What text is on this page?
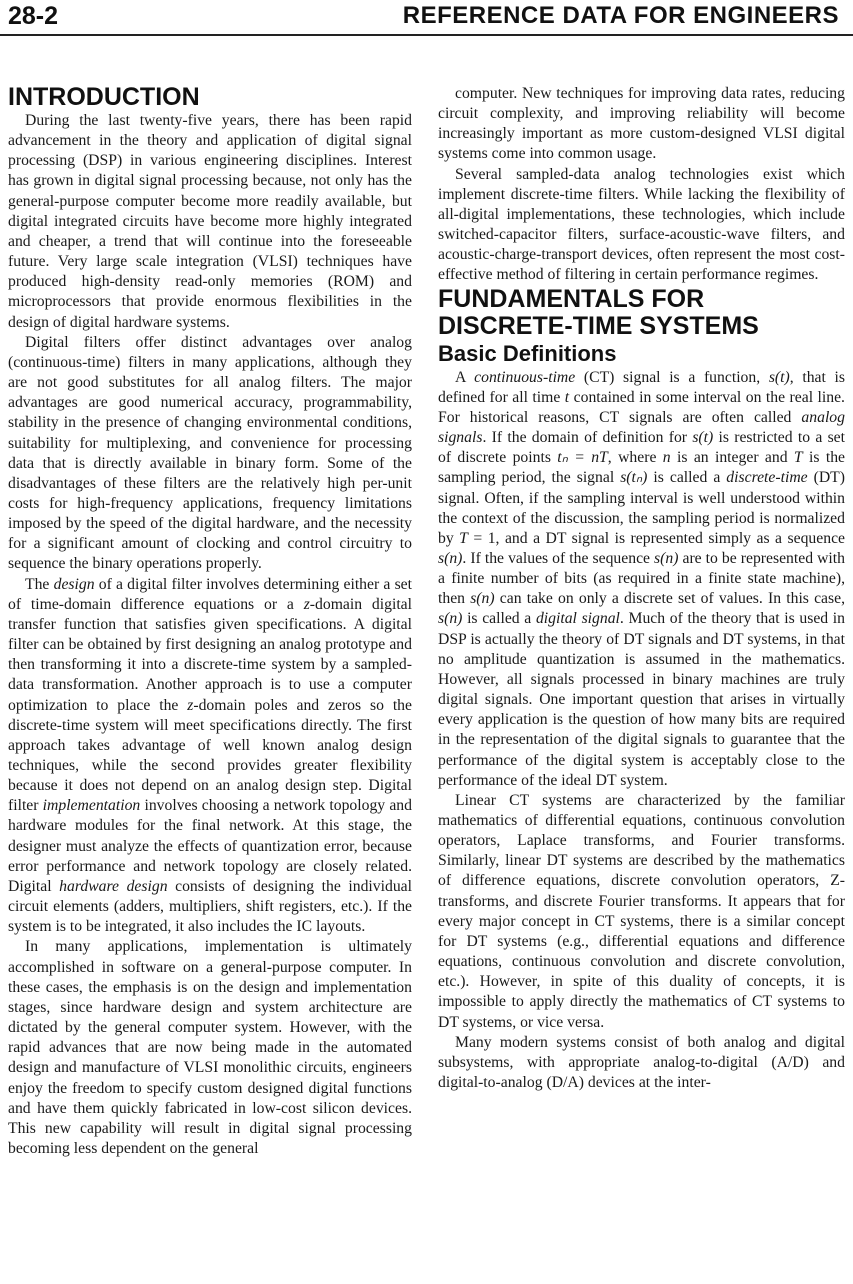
28-2	REFERENCE DATA FOR ENGINEERS
INTRODUCTION

During the last twenty-five years, there has been rapid advancement in the theory and application of digital signal processing (DSP) in various engineering disciplines. Interest has grown in digital signal processing because, not only has the general-purpose computer become more readily available, but digital integrated circuits have become more highly integrated and cheaper, a trend that will continue into the foreseeable future. Very large scale integration (VLSI) techniques have produced high-density read-only memories (ROM) and microprocessors that provide enormous flexibilities in the design of digital hardware systems.

Digital filters offer distinct advantages over analog (continuous-time) filters in many applications, although they are not good substitutes for all analog filters. The major advantages are good numerical accuracy, programmability, stability in the presence of changing environmental conditions, suitability for multiplexing, and convenience for processing data that is directly available in binary form. Some of the disadvantages of these filters are the relatively high per-unit costs for high-frequency applications, frequency limitations imposed by the speed of the digital hardware, and the necessity for a significant amount of clocking and control circuitry to sequence the binary operations properly.

The design of a digital filter involves determining either a set of time-domain difference equations or a z-domain digital transfer function that satisfies given specifications. A digital filter can be obtained by first designing an analog prototype and then transforming it into a discrete-time system by a sampled-data transformation. Another approach is to use a computer optimization to place the z-domain poles and zeros so the discrete-time system will meet specifications directly. The first approach takes advantage of well known analog design techniques, while the second provides greater flexibility because it does not depend on an analog design step. Digital filter implementation involves choosing a network topology and hardware modules for the final network. At this stage, the designer must analyze the effects of quantization error, because error performance and network topology are closely related. Digital hardware design consists of designing the individual circuit elements (adders, multipliers, shift registers, etc.). If the system is to be integrated, it also includes the IC layouts.

In many applications, implementation is ultimately accomplished in software on a general-purpose computer. In these cases, the emphasis is on the design and implementation stages, since hardware design and system architecture are dictated by the general computer system. However, with the rapid advances that are now being made in the automated design and manufacture of VLSI monolithic circuits, engineers enjoy the freedom to specify custom designed digital functions and have them quickly fabricated in low-cost silicon devices. This new capability will result in digital signal processing becoming less dependent on the general

computer. New techniques for improving data rates, reducing circuit complexity, and improving reliability will become increasingly important as more custom-designed VLSI digital systems come into common usage.

Several sampled-data analog technologies exist which implement discrete-time filters. While lacking the flexibility of all-digital implementations, these technologies, which include switched-capacitor filters, surface-acoustic-wave filters, and acoustic-charge-transport devices, often represent the most cost-effective method of filtering in certain performance regimes.

FUNDAMENTALS FOR
DISCRETE-TIME SYSTEMS
Basic Definitions

A continuous-time (CT) signal is a function, s(t), that is defined for all time t contained in some interval on the real line. For historical reasons, CT signals are often called analog signals. If the domain of definition for s(t) is restricted to a set of discrete points tₙ = nT, where n is an integer and T is the sampling period, the signal s(tₙ) is called a discrete-time (DT) signal. Often, if the sampling interval is well understood within the context of the discussion, the sampling period is normalized by T = 1, and a DT signal is represented simply as a sequence s(n). If the values of the sequence s(n) are to be represented with a finite number of bits (as required in a finite state machine), then s(n) can take on only a discrete set of values. In this case, s(n) is called a digital signal. Much of the theory that is used in DSP is actually the theory of DT signals and DT systems, in that no amplitude quantization is assumed in the mathematics. However, all signals processed in binary machines are truly digital signals. One important question that arises in virtually every application is the question of how many bits are required in the representation of the digital signals to guarantee that the performance of the digital system is acceptably close to the performance of the ideal DT system.

Linear CT systems are characterized by the familiar mathematics of differential equations, continuous convolution operators, Laplace transforms, and Fourier transforms. Similarly, linear DT systems are described by the mathematics of difference equations, discrete convolution operators, Z-transforms, and discrete Fourier transforms. It appears that for every major concept in CT systems, there is a similar concept for DT systems (e.g., differential equations and difference equations, continuous convolution and discrete convolution, etc.). However, in spite of this duality of concepts, it is impossible to apply directly the mathematics of CT systems to DT systems, or vice versa.

Many modern systems consist of both analog and digital subsystems, with appropriate analog-to-digital (A/D) and digital-to-analog (D/A) devices at the inter-
